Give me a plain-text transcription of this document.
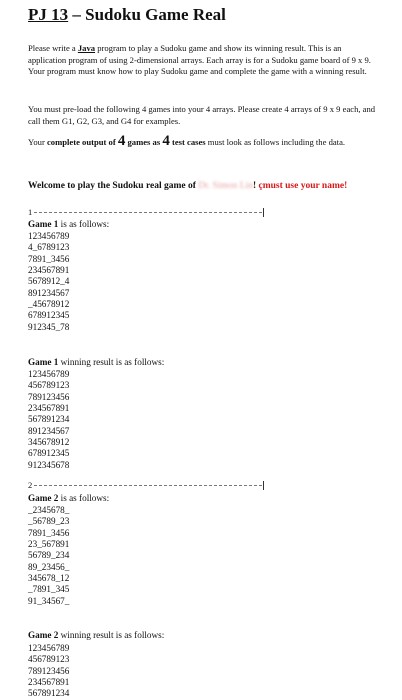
PJ 13 – Sudoku Game Real
Please write a Java program to play a Sudoku game and show its winning result. This is an application program of using 2-dimensional arrays. Each array is for a Sudoku game board of 9 x 9. Your program must know how to play Sudoku game and complete the game with a winning result.
You must pre-load the following 4 games into your 4 arrays. Please create 4 arrays of 9 x 9 each, and call them G1, G2, G3, and G4 for examples.
Your complete output of 4 games as 4 test cases must look as follows including the data.
Welcome to play the Sudoku real game of Dr. Simon Lin! çmust use your name!
1
Game 1 is as follows:
123456789
4_6789123
7891_3456
234567891
5678912_4
891234567
_45678912
678912345
912345_78
Game 1 winning result is as follows:
123456789
456789123
789123456
234567891
567891234
891234567
345678912
678912345
912345678
2
Game 2 is as follows:
_2345678_
_56789_23
7891_3456
23_567891
56789_234
89_23456_
345678_12
_7891_345
91_34567_
Game 2 winning result is as follows:
123456789
456789123
789123456
234567891
567891234
